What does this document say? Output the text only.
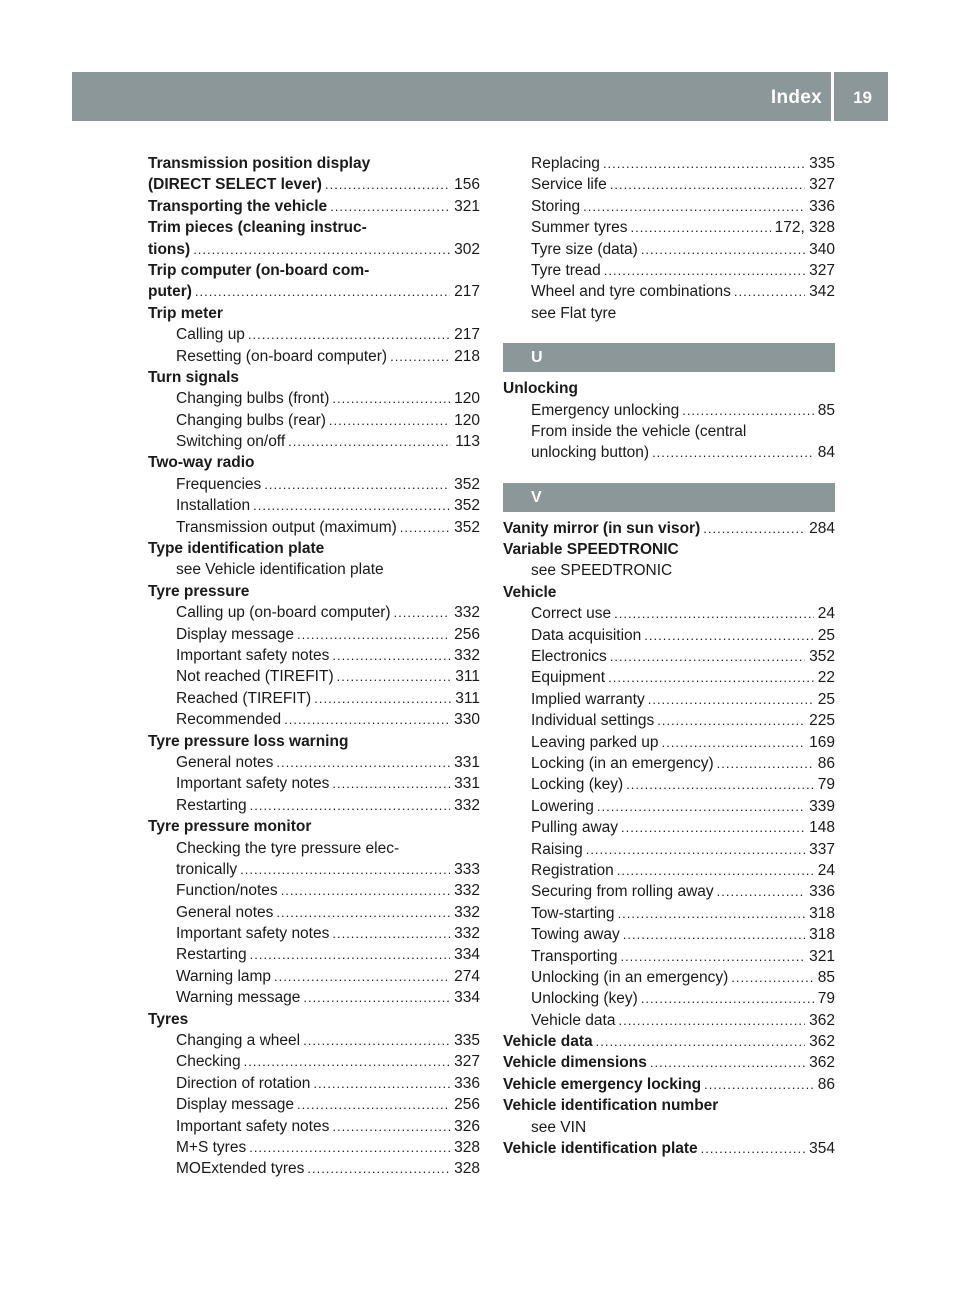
Index 19
Transmission position display
(DIRECT SELECT lever) .....	156
Transporting the vehicle .....	321
Trim pieces (cleaning instruc-
tions) .....	302
Trip computer (on-board com-
puter) .....	217
Trip meter
Calling up .....	217
Resetting (on-board computer) .....	218
Turn signals
Changing bulbs (front) .....	120
Changing bulbs (rear) .....	120
Switching on/off .....	113
Two-way radio
Frequencies .....	352
Installation .....	352
Transmission output (maximum) .....	352
Type identification plate
see Vehicle identification plate
Tyre pressure
Calling up (on-board computer) .....	332
Display message .....	256
Important safety notes .....	332
Not reached (TIREFIT) .....	311
Reached (TIREFIT) .....	311
Recommended .....	330
Tyre pressure loss warning
General notes .....	331
Important safety notes .....	331
Restarting .....	332
Tyre pressure monitor
Checking the tyre pressure elec-
tronically .....	333
Function/notes .....	332
General notes .....	332
Important safety notes .....	332
Restarting .....	334
Warning lamp .....	274
Warning message .....	334
Tyres
Changing a wheel .....	335
Checking .....	327
Direction of rotation .....	336
Display message .....	256
Important safety notes .....	326
M+S tyres .....	328
MOExtended tyres .....	328
Replacing .....	335
Service life .....	327
Storing .....	336
Summer tyres .....	172, 328
Tyre size (data) .....	340
Tyre tread .....	327
Wheel and tyre combinations .....	342
see Flat tyre
U
Unlocking
Emergency unlocking .....	85
From inside the vehicle (central
unlocking button) .....	84
V
Vanity mirror (in sun visor) .....	284
Variable SPEEDTRONIC
see SPEEDTRONIC
Vehicle
Correct use .....	24
Data acquisition .....	25
Electronics .....	352
Equipment .....	22
Implied warranty .....	25
Individual settings .....	225
Leaving parked up .....	169
Locking (in an emergency) .....	86
Locking (key) .....	79
Lowering .....	339
Pulling away .....	148
Raising .....	337
Registration .....	24
Securing from rolling away .....	336
Tow-starting .....	318
Towing away .....	318
Transporting .....	321
Unlocking (in an emergency) .....	85
Unlocking (key) .....	79
Vehicle data .....	362
Vehicle data .....	362
Vehicle dimensions .....	362
Vehicle emergency locking .....	86
Vehicle identification number
see VIN
Vehicle identification plate .....	354
